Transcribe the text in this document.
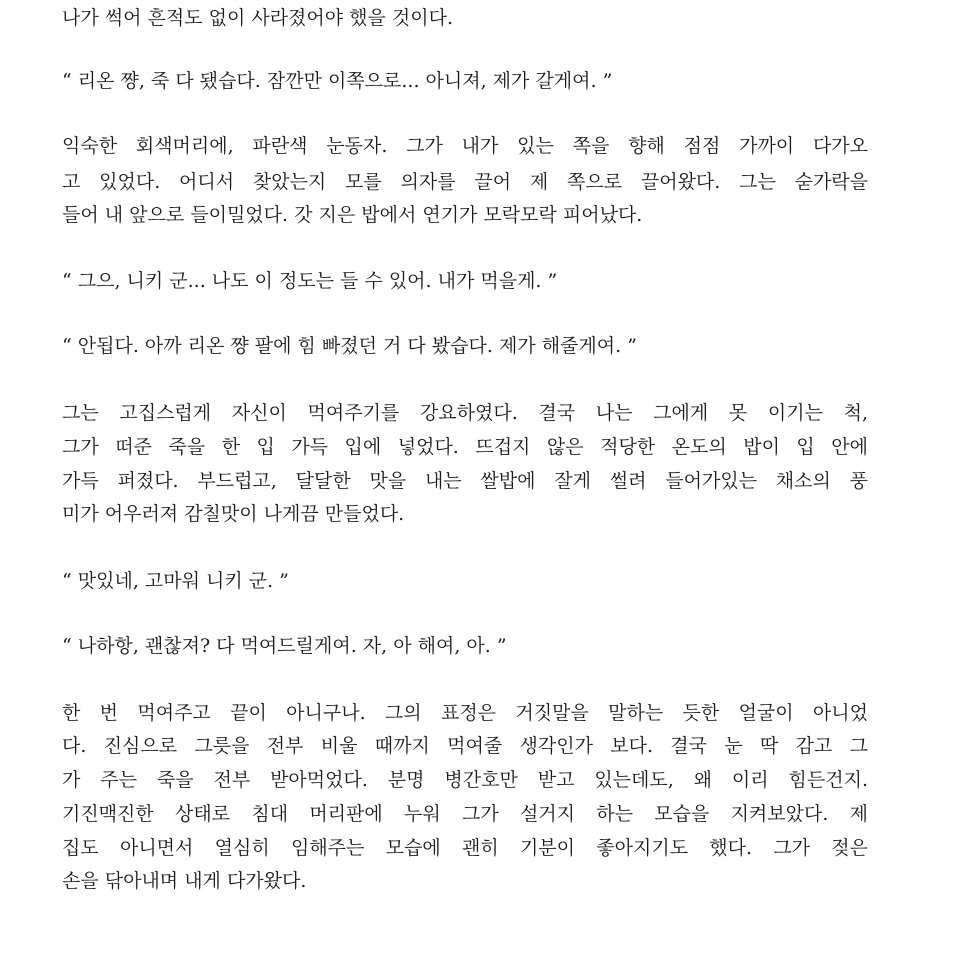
나가 썩어 흔적도 없이 사라졌어야 했을 것이다.
“ 리온 쨩, 죽 다 됐습다. 잠깐만 이쪽으로... 아니져, 제가 갈게여. ”
익숙한 회색머리에, 파란색 눈동자. 그가 내가 있는 쪽을 향해 점점 가까이 다가오
고 있었다. 어디서 찾았는지 모를 의자를 끌어 제 쪽으로 끌어왔다. 그는 숟가락을
들어 내 앞으로 들이밀었다. 갓 지은 밥에서 연기가 모락모락 피어났다.
“ 그으, 니키 군... 나도 이 정도는 들 수 있어. 내가 먹을게. ”
“ 안됩다. 아까 리온 쨩 팔에 힘 빠졌던 거 다 봤습다. 제가 해줄게여. ”
그는 고집스럽게 자신이 먹여주기를 강요하였다. 결국 나는 그에게 못 이기는 척,
그가 떠준 죽을 한 입 가득 입에 넣었다. 뜨겁지 않은 적당한 온도의 밥이 입 안에
가득 퍼졌다. 부드럽고, 달달한 맛을 내는 쌀밥에 잘게 썰려 들어가있는 채소의 풍
미가 어우러져 감칠맛이 나게끔 만들었다.
“ 맛있네, 고마워 니키 군. ”
“ 나하항, 괜찮져? 다 먹여드릴게여. 자, 아 해여, 아. ”
한 번 먹여주고 끝이 아니구나. 그의 표정은 거짓말을 말하는 듯한 얼굴이 아니었
다. 진심으로 그릇을 전부 비울 때까지 먹여줄 생각인가 보다. 결국 눈 딱 감고 그
가 주는 죽을 전부 받아먹었다. 분명 병간호만 받고 있는데도, 왜 이리 힘든건지.
기진맥진한 상태로 침대 머리판에 누워 그가 설거지 하는 모습을 지켜보았다. 제
집도 아니면서 열심히 임해주는 모습에 괜히 기분이 좋아지기도 했다. 그가 젖은
손을 닦아내며 내게 다가왔다.
